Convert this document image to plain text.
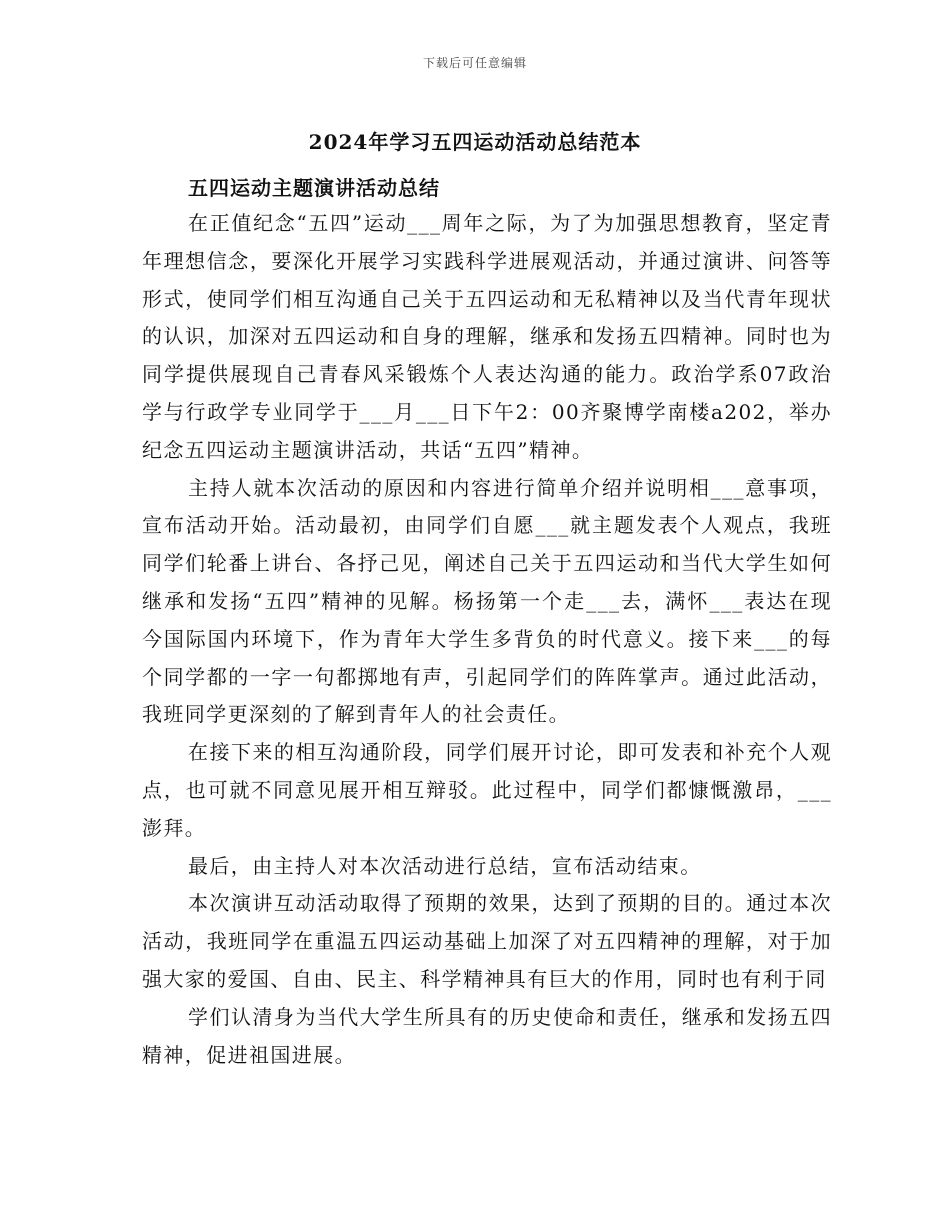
下载后可任意编辑
2024年学习五四运动活动总结范本
五四运动主题演讲活动总结

在正值纪念“五四”运动___周年之际，为了为加强思想教育，坚定青年理想信念，要深化开展学习实践科学进展观活动，并通过演讲、问答等形式，使同学们相互沟通自己关于五四运动和无私精神以及当代青年现状的认识，加深对五四运动和自身的理解，继承和发扬五四精神。同时也为同学提供展现自己青春风采锻炼个人表达沟通的能力。政治学系07政治学与行政学专业同学于___月___日下午2：00齐聚博学南楼a202，举办纪念五四运动主题演讲活动，共话“五四”精神。

主持人就本次活动的原因和内容进行简单介绍并说明相___意事项，宣布活动开始。活动最初，由同学们自愿___就主题发表个人观点，我班同学们轮番上讲台、各抒己见，阐述自己关于五四运动和当代大学生如何继承和发扬“五四”精神的见解。杨扬第一个走___去，满怀___表达在现今国际国内环境下，作为青年大学生多背负的时代意义。接下来___的每个同学都的一字一句都掷地有声，引起同学们的阵阵掌声。通过此活动，我班同学更深刻的了解到青年人的社会责任。

在接下来的相互沟通阶段，同学们展开讨论，即可发表和补充个人观点，也可就不同意见展开相互辩驳。此过程中，同学们都慷慨激昂，___澎拜。

最后，由主持人对本次活动进行总结，宣布活动结束。

本次演讲互动活动取得了预期的效果，达到了预期的目的。通过本次活动，我班同学在重温五四运动基础上加深了对五四精神的理解，对于加强大家的爱国、自由、民主、科学精神具有巨大的作用，同时也有利于同

学们认清身为当代大学生所具有的历史使命和责任，继承和发扬五四精神，促进祖国进展。
